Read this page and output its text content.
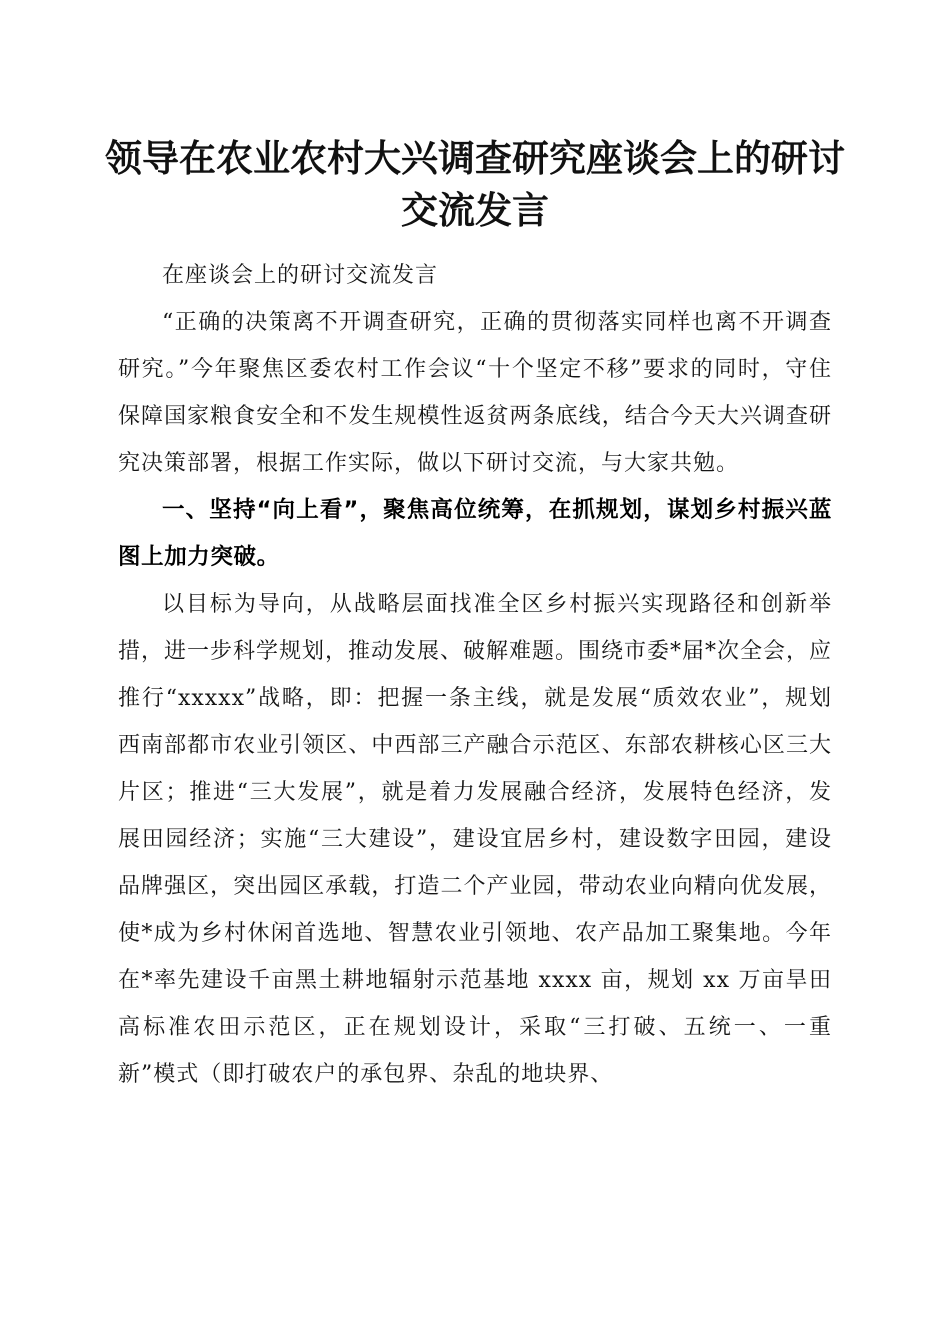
领导在农业农村大兴调查研究座谈会上的研讨交流发言

在座谈会上的研讨交流发言

“正确的决策离不开调查研究，正确的贯彻落实同样也离不开调查研究。”今年聚焦区委农村工作会议“十个坚定不移”要求的同时，守住保障国家粮食安全和不发生规模性返贫两条底线，结合今天大兴调查研究决策部署，根据工作实际，做以下研讨交流，与大家共勉。

一、坚持“向上看”，聚焦高位统筹，在抓规划，谋划乡村振兴蓝图上加力突破。

以目标为导向，从战略层面找准全区乡村振兴实现路径和创新举措，进一步科学规划，推动发展、破解难题。围绕市委*届*次全会，应推行“xxxxx”战略，即：把握一条主线，就是发展“质效农业”，规划西南部都市农业引领区、中西部三产融合示范区、东部农耕核心区三大片区；推进“三大发展”，就是着力发展融合经济，发展特色经济，发展田园经济；实施“三大建设”，建设宜居乡村，建设数字田园，建设品牌强区，突出园区承载，打造二个产业园，带动农业向精向优发展，使*成为乡村休闲首选地、智慧农业引领地、农产品加工聚集地。今年在*率先建设千亩黑土耕地辐射示范基地 xxxx 亩，规划 xx 万亩旱田高标准农田示范区，正在规划设计，采取“三打破、五统一、一重新”模式（即打破农户的承包界、杂乱的地块界、
